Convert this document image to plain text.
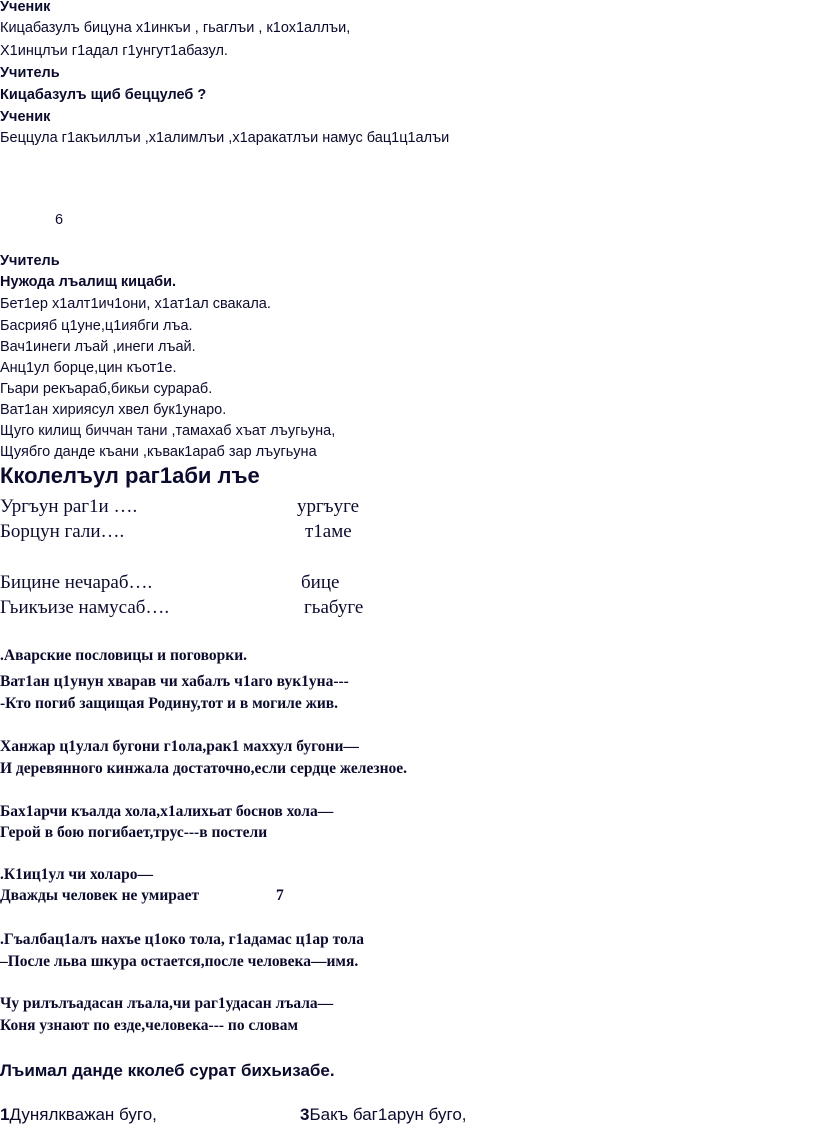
Ученик
Кицабазулъ бицуна х1инкъи , гьаглъи , к1ох1аллъи,
Х1инцлъи г1адал г1унгут1абазул.
Учитель
Кицабазулъ щиб беццулеб ?
Ученик
Беццула г1акъиллъи ,х1алимлъи ,х1аракатлъи намус бац1ц1алъи
6
Учитель
Нужода лъалищ кицаби.
Бет1ер х1алт1ич1они, х1ат1ал свакала.
Басрияб ц1уне,ц1иябги лъа.
Вач1инеги лъай ,инеги лъай.
Анц1ул борце,цин къот1е.
Гьари рекъараб,бикьи сурараб.
Ват1ан хириясул хвел бук1унаро.
Щуго килищ биччан тани ,тамахаб хъат лъугьуна,
Щуябго данде къани ,къвак1араб зар лъугьуна
Кколелъул раг1аби лъе
Ургъун раг1и ….	ургъуге
Борцун гали….	т1аме
Бицине нечараб….	бице
Гьикъизе намусаб….	гьабуге
.Аварские пословицы и поговорки.
Ват1ан ц1унун хварав чи хабалъ ч1аго вук1уна---
-Кто погиб защищая Родину,тот и в могиле жив.
Ханжар ц1улал бугони г1ола,рак1 маххул бугони—
И деревянного кинжала достаточно,если сердце железное.
Бах1арчи къалда хола,х1алихьат боснов хола—
Герой в бою погибает,трус---в постели
.К1иц1ул чи холаро—
Дважды человек не умирает	7
.Гъалбац1алъ нахъе ц1око тола, г1адамас ц1ар тола
–После льва шкура остается,после человека—имя.
Чу рилълъадасан лъала,чи раг1удасан лъала—
Коня узнают по езде,человека--- по словам
Лъимал данде кколеб сурат бихьизабе.
1Дунялкважан буго,	3Бакъ баг1арун буго,
